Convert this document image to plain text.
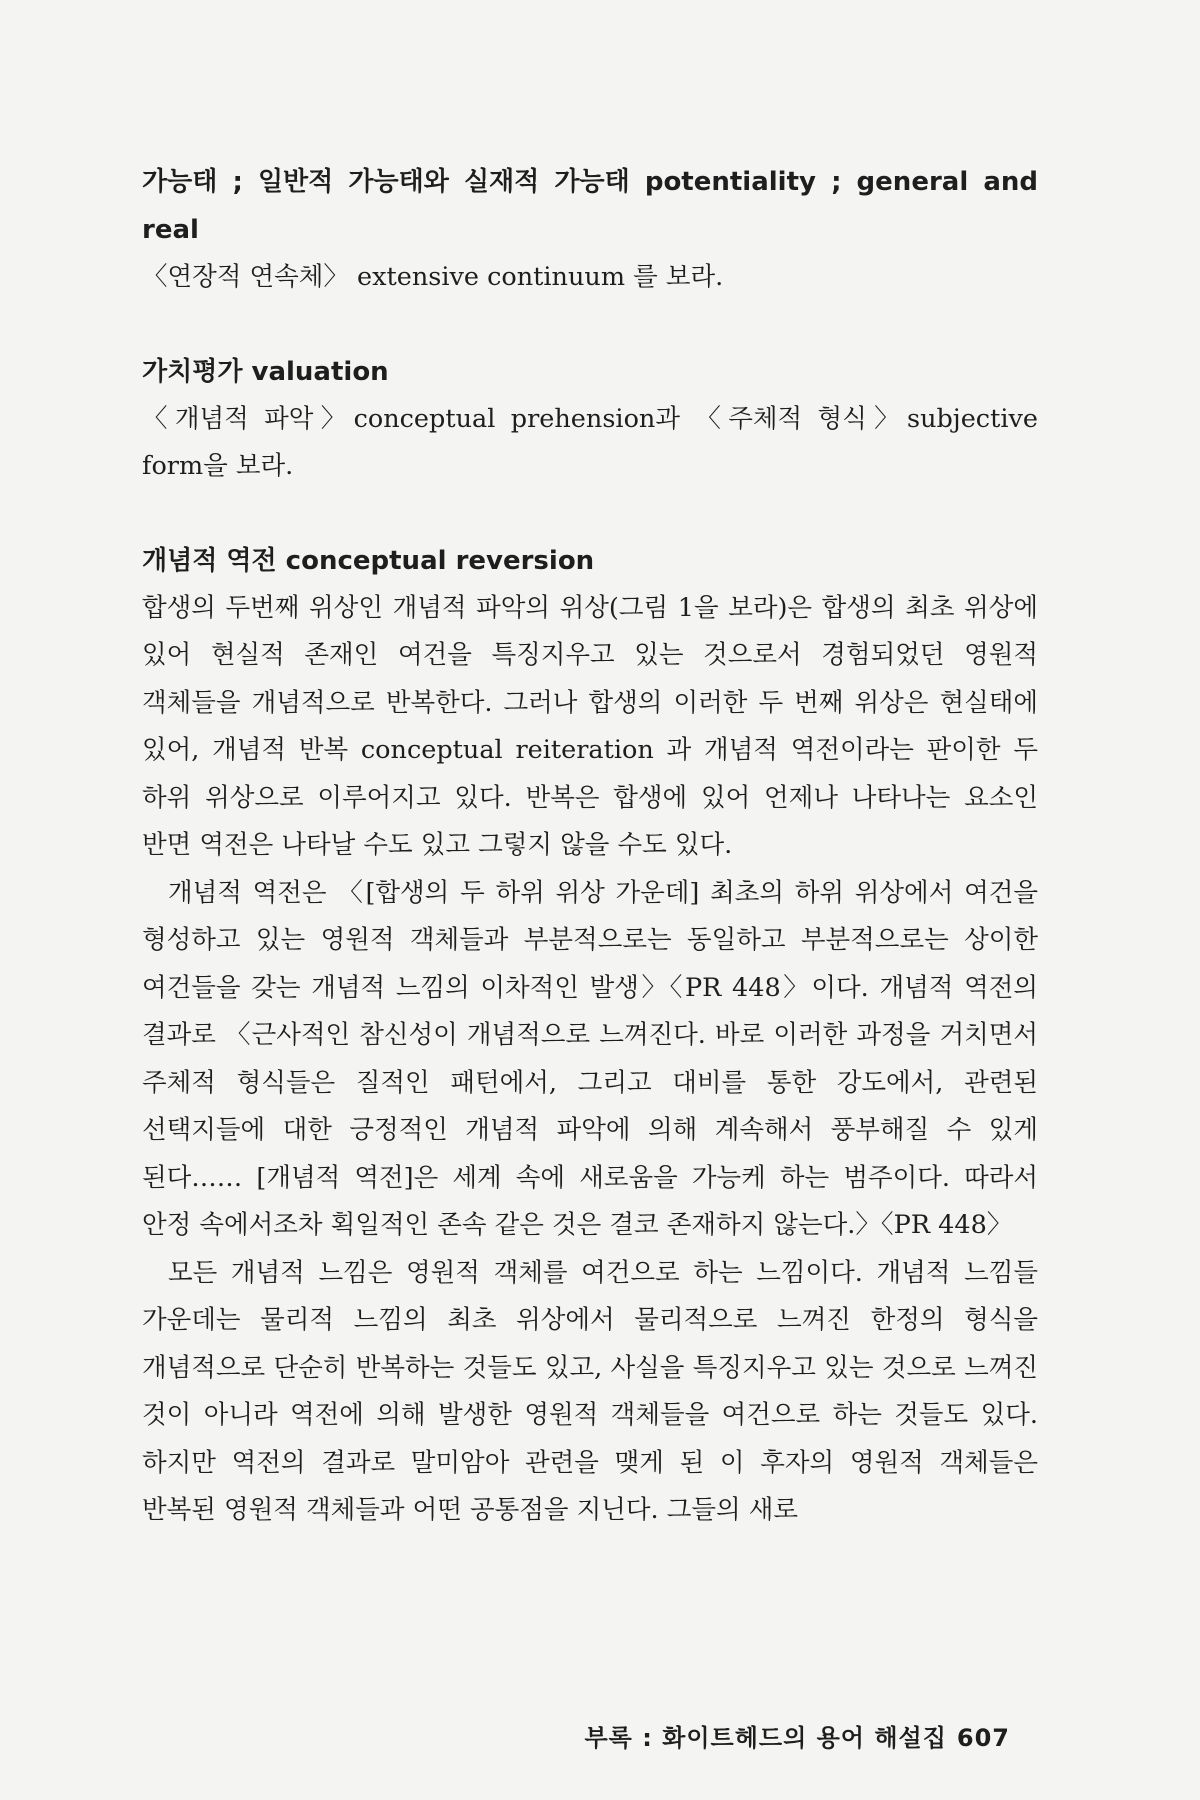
가능태 ; 일반적 가능태와 실재적 가능태 potentiality ; general and real

〈연장적 연속체〉 extensive continuum 를 보라.

가치평가 valuation

〈개념적 파악〉conceptual prehension과 〈주체적 형식〉subjective form을 보라.

개념적 역전 conceptual reversion

합생의 두번째 위상인 개념적 파악의 위상(그림 1을 보라)은 합생의 최초 위상에 있어 현실적 존재인 여건을 특징지우고 있는 것으로서 경험되었던 영원적 객체들을 개념적으로 반복한다. 그러나 합생의 이러한 두 번째 위상은 현실태에 있어, 개념적 반복 conceptual reiteration 과 개념적 역전이라는 판이한 두 하위 위상으로 이루어지고 있다. 반복은 합생에 있어 언제나 나타나는 요소인 반면 역전은 나타날 수도 있고 그렇지 않을 수도 있다.

개념적 역전은 〈[합생의 두 하위 위상 가운데] 최초의 하위 위상에서 여건을 형성하고 있는 영원적 객체들과 부분적으로는 동일하고 부분적으로는 상이한 여건들을 갖는 개념적 느낌의 이차적인 발생〉〈PR 448〉이다. 개념적 역전의 결과로 〈근사적인 참신성이 개념적으로 느껴진다. 바로 이러한 과정을 거치면서 주체적 형식들은 질적인 패턴에서, 그리고 대비를 통한 강도에서, 관련된 선택지들에 대한 긍정적인 개념적 파악에 의해 계속해서 풍부해질 수 있게 된다…… [개념적 역전]은 세계 속에 새로움을 가능케 하는 범주이다. 따라서 안정 속에서조차 획일적인 존속 같은 것은 결코 존재하지 않는다.〉〈PR 448〉

모든 개념적 느낌은 영원적 객체를 여건으로 하는 느낌이다. 개념적 느낌들 가운데는 물리적 느낌의 최초 위상에서 물리적으로 느껴진 한정의 형식을 개념적으로 단순히 반복하는 것들도 있고, 사실을 특징지우고 있는 것으로 느껴진 것이 아니라 역전에 의해 발생한 영원적 객체들을 여건으로 하는 것들도 있다. 하지만 역전의 결과로 말미암아 관련을 맺게 된 이 후자의 영원적 객체들은 반복된 영원적 객체들과 어떤 공통점을 지닌다. 그들의 새로

부록 : 화이트헤드의 용어 해설집 607
